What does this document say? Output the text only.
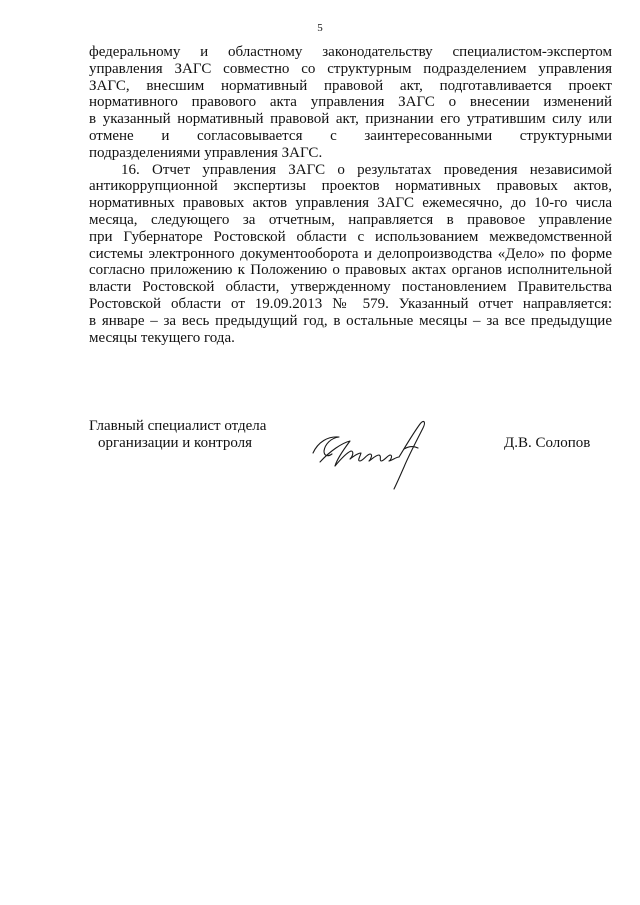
5
федеральному и областному законодательству специалистом-экспертом
управления ЗАГС совместно со структурным подразделением управления
ЗАГС, внесшим нормативный правовой акт, подготавливается проект
нормативного правового акта управления ЗАГС о внесении изменений
в указанный нормативный правовой акт, признании его утратившим силу или
отмене и согласовывается с заинтересованными структурными
подразделениями управления ЗАГС.
16. Отчет управления ЗАГС о результатах проведения независимой
антикоррупционной экспертизы проектов нормативных правовых актов,
нормативных правовых актов управления ЗАГС ежемесячно, до 10-го числа
месяца, следующего за отчетным, направляется в правовое управление
при Губернаторе Ростовской области с использованием межведомственной
системы электронного документооборота и делопроизводства «Дело» по форме
согласно приложению к Положению о правовых актах органов исполнительной
власти Ростовской области, утвержденному постановлением Правительства
Ростовской области от 19.09.2013 № 579. Указанный отчет направляется:
в январе – за весь предыдущий год, в остальные месяцы – за все предыдущие
месяцы текущего года.
Главный специалист отдела
организации и контроля	Д.В. Солопов
